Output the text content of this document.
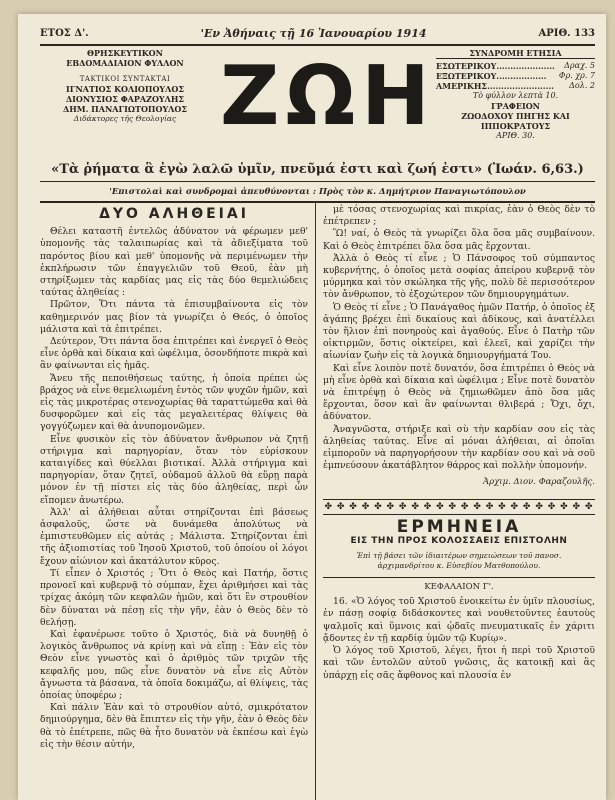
ΕΤΟΣ Δ'.	'Εν Ἀθήναις τῇ 16 Ἰανουαρίου 1914	ΑΡΙΘ. 133
ΘΡΗΣΚΕΥΤΙΚΟΝ
ΕΒΔΟΜΑΔΙΑΙΟΝ ΦΥΛΛΟΝ
ΤΑΚΤΙΚΟΙ ΣΥΝΤΑΚΤΑΙ
ΙΓΝΑΤΙΟΣ ΚΟΛΙΟΠΟΥΛΟΣ
ΔΙΟΝΥΣΙΟΣ ΦΑΡΑΖΟΥΛΗΣ
ΔΗΜ. ΠΑΝΑΓΙΩΤΟΠΟΥΛΟΣ
Διδάκτορες τῆς Θεολογίας ΖΩΗ	ΣΥΝΔΡΟΜΗ ΕΤΗΣΙΑ
ΕΣΩΤΕΡΙΚΟΥ..................... Δραχ. 5
ΕΞΩΤΕΡΙΚΟΥ.................. Φρ. χρ. 7
ΑΜΕΡΙΚΗΣ........................ Δολ. 2
Τὸ φύλλον λεπτὰ 10.
ΓΡΑΦΕΙΟΝ
ΖΩΟΔΟΧΟΥ ΠΗΓΗΣ ΚΑΙ ΙΠΠΟΚΡΑΤΟΥΣ
ΑΡΙΘ. 30.
«Τὰ ῥήματα ἃ ἐγὼ λαλῶ ὑμῖν, πνεῦμά ἐστι καὶ ζωή ἐστι» (Ἰωάν. 6,63.)
'Επιστολαὶ καὶ συνδρομαὶ ἀπευθύνονται : Πρὸς τὸν κ. Δημήτριον Παναγιωτόπουλον
ΔΥΟ ΑΛΗΘΕΙΑΙ

Θέλει καταστῆ ἐντελῶς ἀδύνατον νὰ φέρωμεν μεθ' ὑπομονῆς τὰς ταλαιπωρίας καὶ τὰ ἀδιεξίματα τοῦ παρόντος βίου καὶ μεθ' ὑπομονῆς νὰ περιμένωμεν τὴν ἐκπλήρωσιν τῶν ἐπαγγελιῶν τοῦ Θεοῦ, ἐὰν μὴ στηρίξωμεν τὰς καρδίας μας εἰς τὰς δύο θεμελιώδεις ταύτας ἀληθείας :

Πρῶτον, Ὅτι πάντα τὰ ἐπισυμβαίνοντα εἰς τὸν καθημερινόν μας βίον τὰ γνωρίζει ὁ Θεός, ὁ ὁποῖος μάλιστα καὶ τὰ ἐπιτρέπει.

Δεύτερον, Ὅτι πάντα ὅσα ἐπιτρέπει καὶ ἐνεργεῖ ὁ Θεὸς εἶνε ὀρθὰ καὶ δίκαια καὶ ὠφέλιμα, ὁσονδήποτε πικρὰ καὶ ἂν φαίνωνται εἰς ἡμᾶς.

Ἄνευ τῆς πεποιθήσεως ταύτης, ἡ ὁποία πρέπει ὡς βράχος νὰ εἶνε θεμελιωμένη ἐντὸς τῶν ψυχῶν ἡμῶν, καὶ εἰς τὰς μικροτέρας στενοχωρίας θὰ ταραττώμεθα καὶ θὰ δυσφορῶμεν καὶ εἰς τὰς μεγαλειτέρας θλίψεις θὰ γογγύζωμεν καὶ θὰ ἀνυπομονῶμεν.

Εἶνε φυσικὸν εἰς τὸν ἀδύνατον ἄνθρωπον νὰ ζητῇ στήριγμα καὶ παρηγορίαν, ὅταν τὸν εὑρίσκουν καταιγίδες καὶ θύελλαι βιοτικαί. Ἀλλὰ στήριγμα καὶ παρηγορίαν, ὅταν ζητεῖ, οὐδαμοῦ ἀλλοῦ θὰ εὕρῃ παρὰ μόνον ἐν τῇ πίστει εἰς τὰς δύο ἀληθείας, περὶ ὧν εἴπομεν ἀνωτέρω.

Ἀλλ' αἱ ἀλήθειαι αὗται στηρίζονται ἐπὶ βάσεως ἀσφαλοῦς, ὥστε νὰ δυνάμεθα ἀπολύτως νὰ ἐμπιστευθῶμεν εἰς αὐτάς ; Μάλιστα. Στηρίζονται ἐπὶ τῆς ἀξιοπιστίας τοῦ Ἰησοῦ Χριστοῦ, τοῦ ὁποίου οἱ λόγοι ἔχουν αἰώνιον καὶ ἀκατάλυτον κῦρος.

Τί εἶπεν ὁ Χριστός ; Ὅτι ὁ Θεὸς καὶ Πατήρ, ὅστις προνοεῖ καὶ κυβερνᾷ τὸ σύμπαν, ἔχει ἀριθμήσει καὶ τὰς τρίχας ἀκόμη τῶν κεφαλῶν ἡμῶν, καὶ ὅτι ἓν στρουθίον δὲν δύναται νὰ πέσῃ εἰς τὴν γῆν, ἐὰν ὁ Θεὸς δὲν τὸ θελήσῃ.

Καὶ ἐφανέρωσε τοῦτο ὁ Χριστός, διὰ νὰ δυνηθῇ ὁ λογικὸς ἄνθρωπος νὰ κρίνῃ καὶ νὰ εἴπῃ : Ἐὰν εἰς τὸν Θεὸν εἶνε γνωστὸς καὶ ὁ ἀριθμὸς τῶν τριχῶν τῆς κεφαλῆς μου, πῶς εἶνε δυνατὸν νὰ εἶνε εἰς Αὐτὸν ἄγνωστα τὰ βάσανα, τὰ ὁποῖα δοκιμάζω, αἱ θλίψεις, τὰς ὁποίας ὑποφέρω ;

Καὶ πάλιν Ἐὰν καὶ τὸ στρουθίον αὐτό, σμικρότατον δημιούργημα, δὲν θὰ ἔπιπτεν εἰς τὴν γῆν, ἐὰν ὁ Θεὸς δὲν θὰ τὸ ἐπέτρεπε, πῶς θὰ ἦτο δυνατὸν νὰ ἐκπέσω καὶ ἐγὼ εἰς τὴν θέσιν αὐτήν,

μὲ τόσας στενοχωρίας καὶ πικρίας, ἐὰν ὁ Θεὸς δὲν τὸ ἐπέτρεπεν ;

Ὢ! ναί, ὁ Θεὸς τὰ γνωρίζει ὅλα ὅσα μᾶς συμβαίνουν. Καὶ ὁ Θεὸς ἐπιτρέπει ὅλα ὅσα μᾶς ἔρχονται.

Ἀλλὰ ὁ Θεὸς τί εἶνε ; Ὁ Πάνσοφος τοῦ σύμπαντος κυβερνήτης, ὁ ὁποῖος μετὰ σοφίας ἀπείρου κυβερνᾷ τὸν μύρμηκα καὶ τὸν σκώληκα τῆς γῆς, πολὺ δὲ περισσότερον τὸν ἄνθρωπον, τὸ ἐξοχώτερον τῶν δημιουργημάτων.

Ὁ Θεὸς τί εἶνε ; Ὁ Πανάγαθος ἡμῶν Πατήρ, ὁ ὁποῖος ἐξ ἀγάπης βρέχει ἐπὶ δικαίους καὶ ἀδίκους, καὶ ἀνατέλλει τὸν ἥλιον ἐπὶ πονηροὺς καὶ ἀγαθούς. Εἶνε ὁ Πατὴρ τῶν οἰκτιρμῶν, ὅστις οἰκτείρει, καὶ ἐλεεῖ, καὶ χαρίζει τὴν αἰωνίαν ζωὴν εἰς τὰ λογικὰ δημιουργήματά Του.

Καὶ εἶνε λοιπὸν ποτὲ δυνατόν, ὅσα ἐπιτρέπει ὁ Θεὸς νὰ μὴ εἶνε ὀρθὰ καὶ δίκαια καὶ ὠφέλιμα ; Εἶνε ποτὲ δυνατὸν νὰ ἐπιτρέψῃ ὁ Θεὸς νὰ ζημιωθῶμεν ἀπὸ ὅσα μᾶς ἔρχονται, ὅσον καὶ ἂν φαίνωνται θλιβερά ; Ὄχι, ὄχι, ἀδύνατον.

Ἀναγνῶστα, στήριξε καὶ σὺ τὴν καρδίαν σου εἰς τὰς ἀληθείας ταύτας. Εἶνε αἱ μόναι ἀλήθειαι, αἱ ὁποῖαι εἰμποροῦν νὰ παρηγορήσουν τὴν καρδίαν σου καὶ νὰ σοῦ ἐμπνεύσουν ἀκατάβλητον θάρρος καὶ πολλὴν ὑπομονήν.

Ἀρχιμ. Διον. Φαραζουλῆς.
✤ ✤ ✤ ✤ ✤ ✤ ✤ ✤ ✤ ✤ ✤ ✤ ✤ ✤ ✤ ✤ ✤ ✤ ✤ ✤ ✤ ✤
ΕΡΜΗΝΕΙΑ
ΕΙΣ ΤΗΝ ΠΡΟΣ ΚΟΛΟΣΣΑΕΙΣ ΕΠΙΣΤΟΛΗΝ
Ἐπὶ τῇ βάσει τῶν ἰδιαιτέρων σημειώσεων τοῦ πανοσ. ἀρχιμανδρίτου κ. Εὐσεβίου Ματθοπούλου.
ΚΕΦΑΛΑΙΟΝ Γ'.

16. «Ὁ λόγος τοῦ Χριστοῦ ἐνοικείτω ἐν ὑμῖν πλουσίως, ἐν πάσῃ σοφίᾳ διδάσκοντες καὶ νουθετοῦντες ἑαυτοὺς ψαλμοῖς καὶ ὕμνοις καὶ ᾠδαῖς πνευματικαῖς ἐν χάριτι ᾄδοντες ἐν τῇ καρδίᾳ ὑμῶν τῷ Κυρίῳ».

Ὁ λόγος τοῦ Χριστοῦ, λέγει, ἤτοι ἡ περὶ τοῦ Χριστοῦ καὶ τῶν ἐντολῶν αὐτοῦ γνῶσις, ἂς κατοικῇ καὶ ἂς ὑπάρχῃ εἰς σᾶς ἄφθονος καὶ πλουσία ἐν
